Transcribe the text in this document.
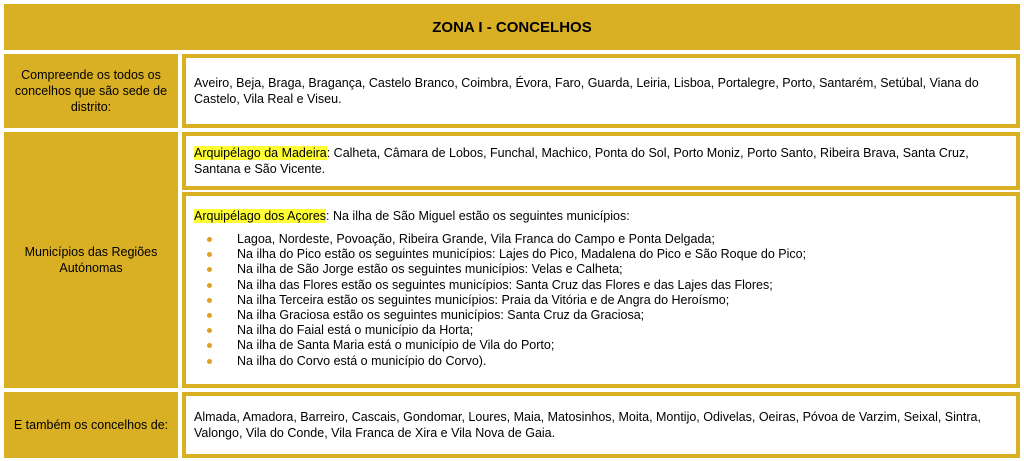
ZONA I - CONCELHOS
Compreende os todos os concelhos que são sede de distrito:
Aveiro, Beja, Braga, Bragança, Castelo Branco, Coimbra, Évora, Faro, Guarda, Leiria, Lisboa, Portalegre, Porto, Santarém, Setúbal, Viana do Castelo, Vila Real e Viseu.
Municípios das Regiões Autónomas
Arquipélago da Madeira: Calheta, Câmara de Lobos, Funchal, Machico, Ponta do Sol, Porto Moniz, Porto Santo, Ribeira Brava, Santa Cruz, Santana e São Vicente.
Arquipélago dos Açores: Na ilha de São Miguel estão os seguintes municípios:
Lagoa, Nordeste, Povoação, Ribeira Grande, Vila Franca do Campo e Ponta Delgada;
Na ilha do Pico estão os seguintes municípios: Lajes do Pico, Madalena do Pico e São Roque do Pico;
Na ilha de São Jorge estão os seguintes municípios: Velas e Calheta;
Na ilha das Flores estão os seguintes municípios: Santa Cruz das Flores e das Lajes das Flores;
Na ilha Terceira estão os seguintes municípios: Praia da Vitória e de Angra do Heroísmo;
Na ilha Graciosa estão os seguintes municípios: Santa Cruz da Graciosa;
Na ilha do Faial está o município da Horta;
Na ilha de Santa Maria está o município de Vila do Porto;
Na ilha do Corvo está o município do Corvo).
E também os concelhos de:
Almada, Amadora, Barreiro, Cascais, Gondomar, Loures, Maia, Matosinhos, Moita, Montijo, Odivelas, Oeiras, Póvoa de Varzim, Seixal, Sintra, Valongo, Vila do Conde, Vila Franca de Xira e Vila Nova de Gaia.
